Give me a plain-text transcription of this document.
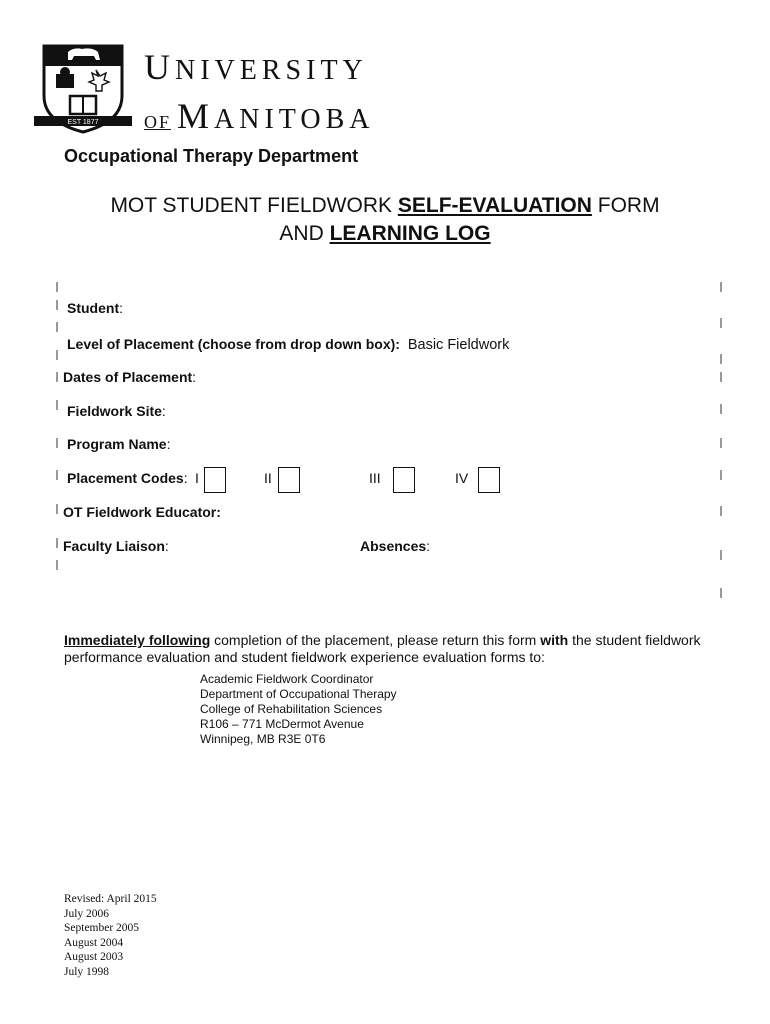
EST 1877
UNIVERSITY
OF MANITOBA
Occupational Therapy Department
MOT STUDENT FIELDWORK SELF-EVALUATION FORM
AND LEARNING LOG
Student:
Level of Placement (choose from drop down box): Basic Fieldwork
Dates of Placement:
Fieldwork Site:
Program Name:
Placement Codes: I	II	III	IV
OT Fieldwork Educator:
Faculty Liaison:	Absences:
Immediately following completion of the placement, please return this form with the student fieldwork performance evaluation and student fieldwork experience evaluation forms to:
Academic Fieldwork Coordinator
Department of Occupational Therapy
College of Rehabilitation Sciences
R106 – 771 McDermot Avenue
Winnipeg, MB R3E 0T6
Revised: April 2015
July 2006
September 2005
August 2004
August 2003
July 1998
